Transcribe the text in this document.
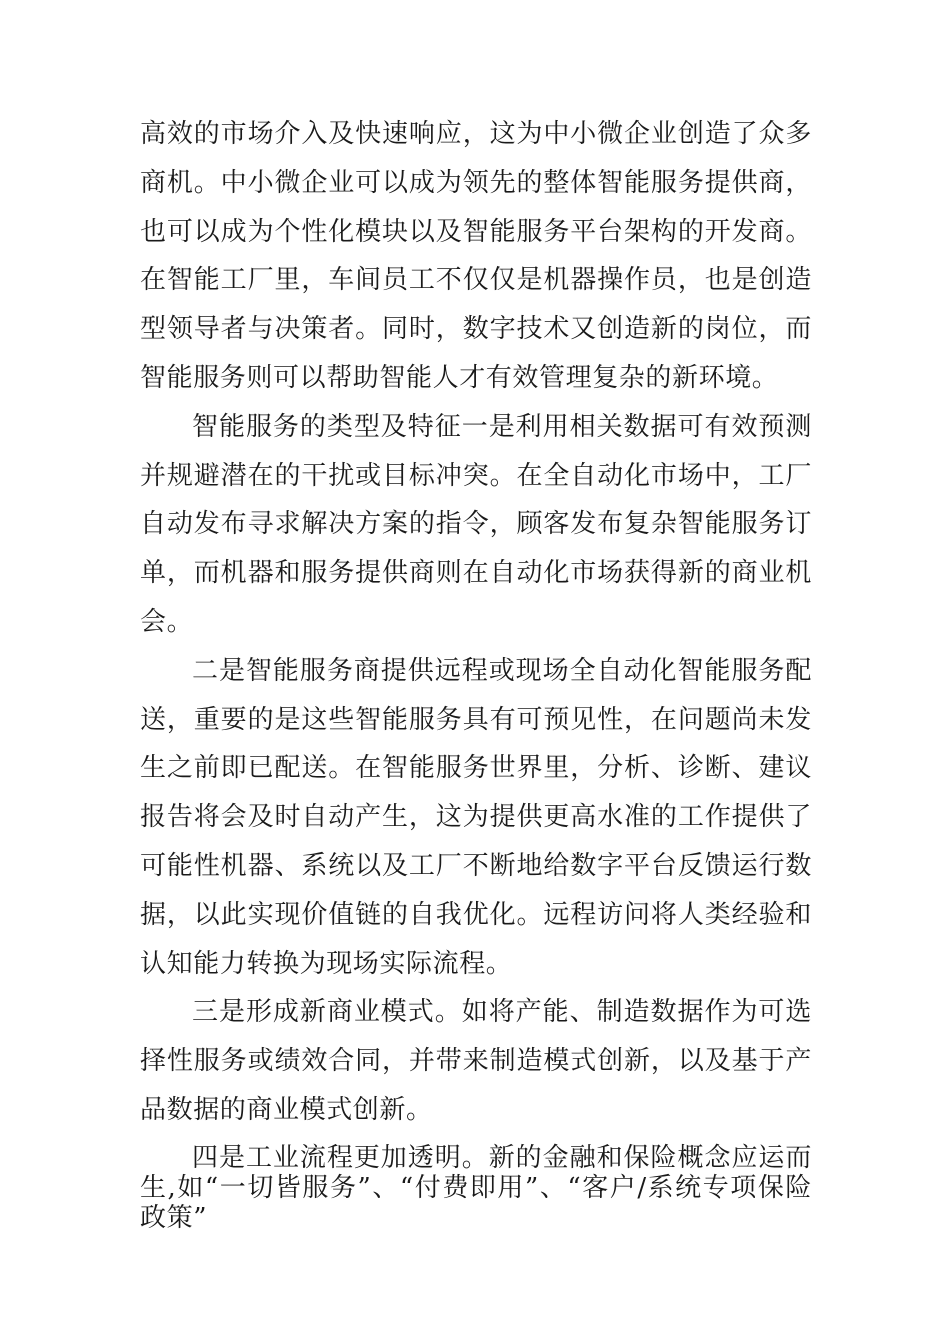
高效的市场介入及快速响应，这为中小微企业创造了众多商机。中小微企业可以成为领先的整体智能服务提供商，也可以成为个性化模块以及智能服务平台架构的开发商。在智能工厂里，车间员工不仅仅是机器操作员，也是创造型领导者与决策者。同时，数字技术又创造新的岗位，而智能服务则可以帮助智能人才有效管理复杂的新环境。

智能服务的类型及特征一是利用相关数据可有效预测并规避潜在的干扰或目标冲突。在全自动化市场中，工厂自动发布寻求解决方案的指令，顾客发布复杂智能服务订单，而机器和服务提供商则在自动化市场获得新的商业机会。

二是智能服务商提供远程或现场全自动化智能服务配送，重要的是这些智能服务具有可预见性，在问题尚未发生之前即已配送。在智能服务世界里，分析、诊断、建议报告将会及时自动产生，这为提供更高水准的工作提供了可能性机器、系统以及工厂不断地给数字平台反馈运行数据，以此实现价值链的自我优化。远程访问将人类经验和认知能力转换为现场实际流程。

三是形成新商业模式。如将产能、制造数据作为可选择性服务或绩效合同，并带来制造模式创新，以及基于产品数据的商业模式创新。

四是工业流程更加透明。新的金融和保险概念应运而生,如“一切皆服务”、“付费即用”、“客户/系统专项保险政策”
